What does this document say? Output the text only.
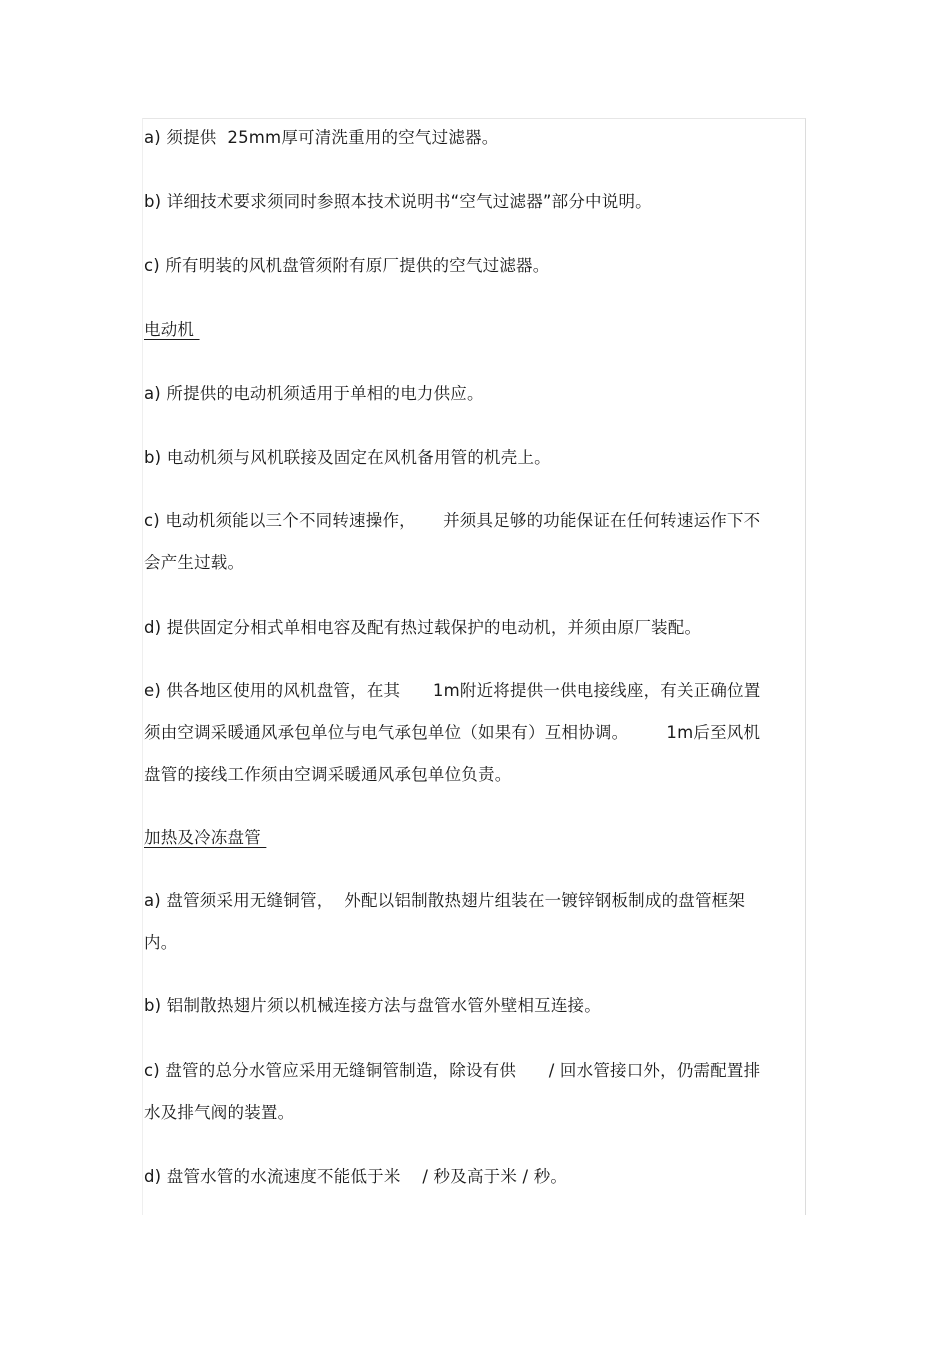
a) 须提供  25mm厚可清洗重用的空气过滤器。
b) 详细技术要求须同时参照本技术说明书“空气过滤器”部分中说明。
c) 所有明装的风机盘管须附有原厂提供的空气过滤器。
电动机
a) 所提供的电动机须适用于单相的电力供应。
b) 电动机须与风机联接及固定在风机备用管的机壳上。
c) 电动机须能以三个不同转速操作，     并须具足够的功能保证在任何转速运作下不
会产生过载。
d) 提供固定分相式单相电容及配有热过载保护的电动机，并须由原厂装配。
e) 供各地区使用的风机盘管，在其      1m附近将提供一供电接线座，有关正确位置
须由空调采暖通风承包单位与电气承包单位（如果有）互相协调。       1m后至风机
盘管的接线工作须由空调采暖通风承包单位负责。
加热及冷冻盘管
a) 盘管须采用无缝铜管，  外配以铝制散热翅片组装在一镀锌钢板制成的盘管框架
内。
b) 铝制散热翅片须以机械连接方法与盘管水管外壁相互连接。
c) 盘管的总分水管应采用无缝铜管制造，除设有供      / 回水管接口外，仍需配置排
水及排气阀的装置。
d) 盘管水管的水流速度不能低于米    / 秒及高于米 / 秒。
